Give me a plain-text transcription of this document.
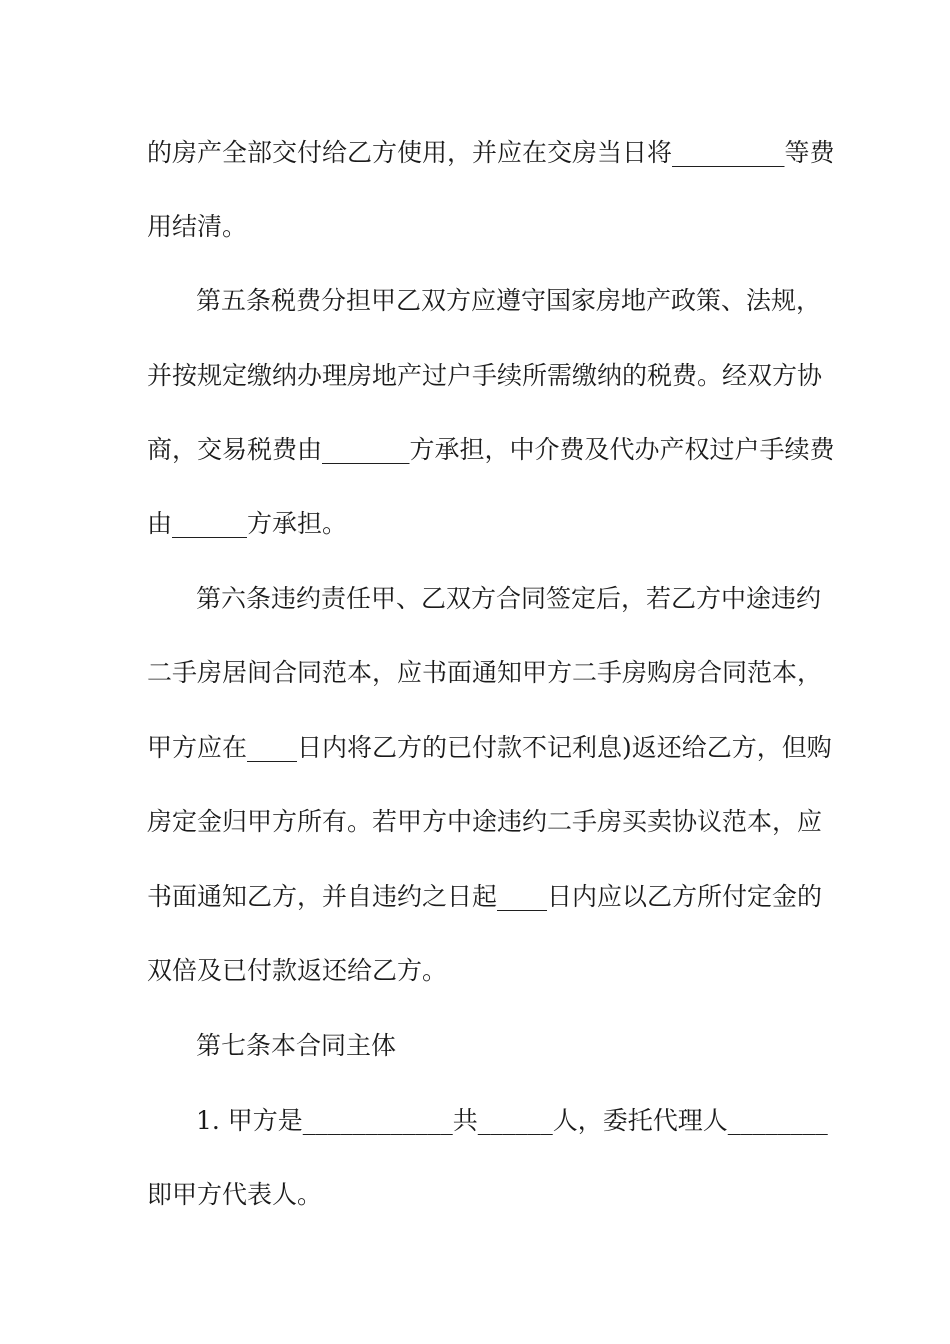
的房产全部交付给乙方使用，并应在交房当日将_________等费
用结清。
第五条税费分担甲乙双方应遵守国家房地产政策、法规，
并按规定缴纳办理房地产过户手续所需缴纳的税费。经双方协
商，交易税费由_______方承担，中介费及代办产权过户手续费
由______方承担。
第六条违约责任甲、乙双方合同签定后，若乙方中途违约
二手房居间合同范本，应书面通知甲方二手房购房合同范本，
甲方应在____日内将乙方的已付款不记利息)返还给乙方，但购
房定金归甲方所有。若甲方中途违约二手房买卖协议范本，应
书面通知乙方，并自违约之日起____日内应以乙方所付定金的
双倍及已付款返还给乙方。
第七条本合同主体
1. 甲方是____________共______人，委托代理人________
即甲方代表人。
